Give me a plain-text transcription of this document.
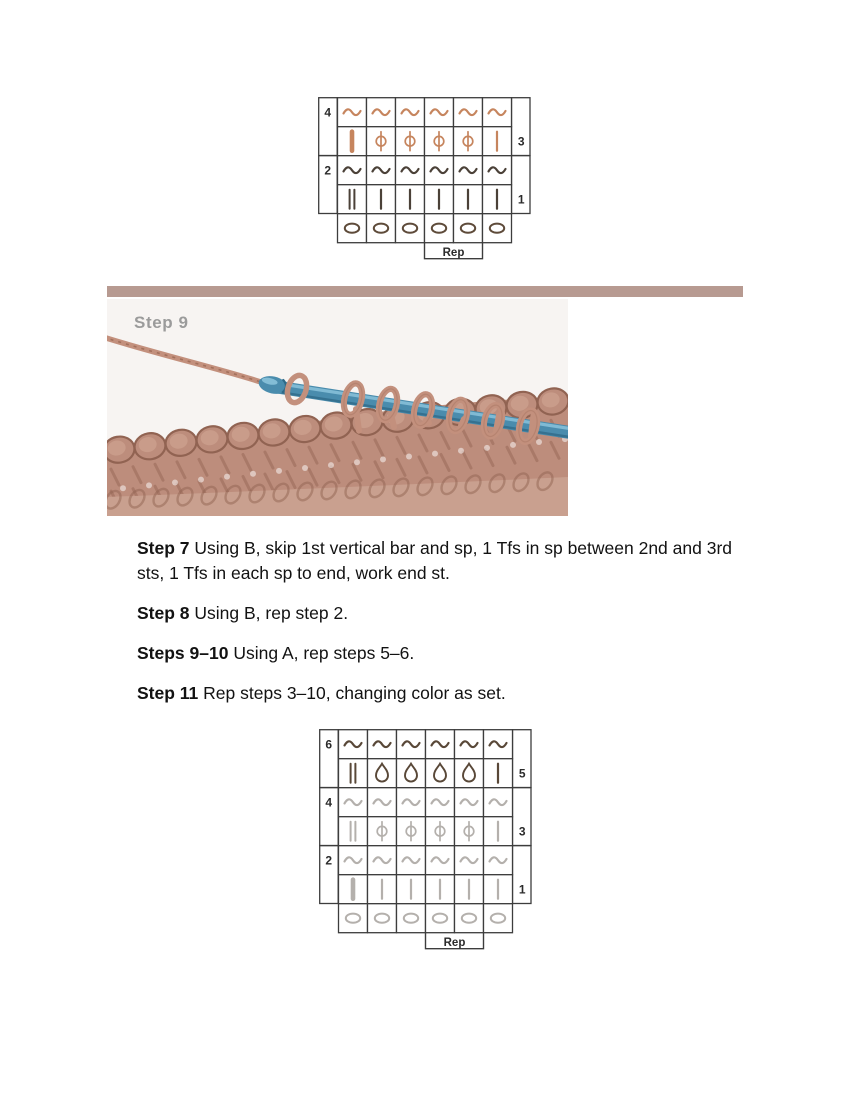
4
3
2
1
Rep
Step 9

Step 7 Using B, skip 1st vertical bar and sp, 1 Tfs in sp between 2nd and 3rd sts, 1 Tfs in each sp to end, work end st.

Step 8 Using B, rep step 2.

Steps 9–10 Using A, rep steps 5–6.

Step 11 Rep steps 3–10, changing color as set.

6
5
4
3
2
1
Rep
